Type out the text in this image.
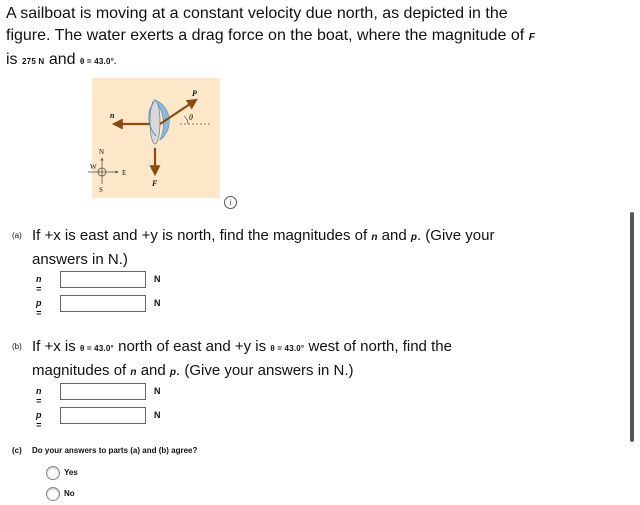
A sailboat is moving at a constant velocity due north, as depicted in the
figure. The water exerts a drag force on the boat, where the magnitude of F
is 275 N and θ = 43.0°.
P
n	θ
F
N
S
E
W
i
(a) If +x is east and +y is north, find the magnitudes of n and p. (Give your
answers in N.)
n =
N
p =
N
(b) If +x is θ = 43.0° north of east and +y is θ = 43.0° west of north, find the
magnitudes of n and p. (Give your answers in N.)
n =
N
p =
N
(c) Do your answers to parts (a) and (b) agree?
Yes
No
